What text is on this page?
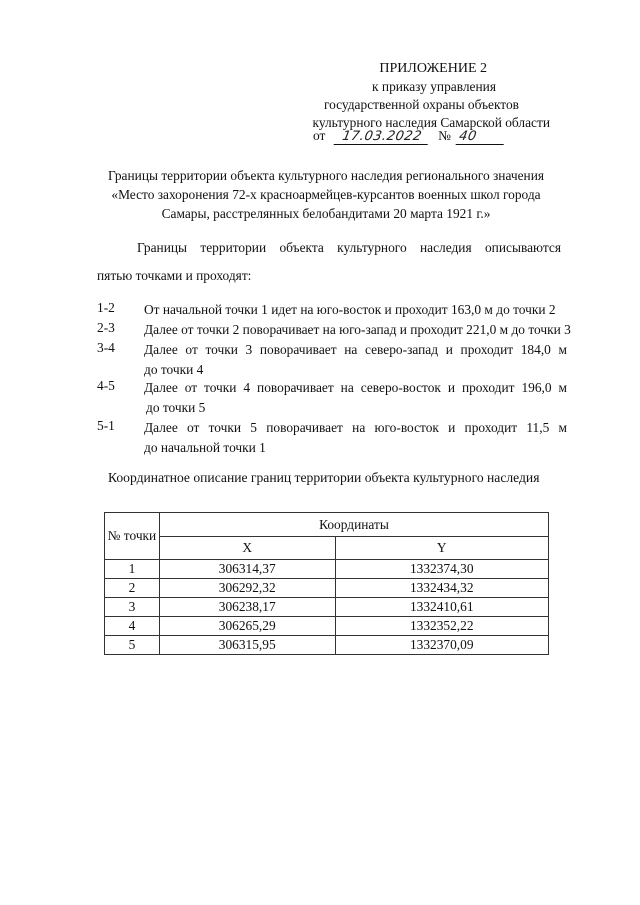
ПРИЛОЖЕНИЕ 2
к приказу управления
государственной охраны объектов
культурного наследия Самарской области
от 17.03.2022 № 40
Границы территории объекта культурного наследия регионального значения
«Место захоронения 72-х красноармейцев-курсантов военных школ города
Самары, расстрелянных белобандитами 20 марта 1921 г.»
Границы территории объекта культурного наследия описываются
пятью точками и проходят:
1-2 От начальной точки 1 идет на юго-восток и проходит 163,0 м до точки 2
2-3 Далее от точки 2 поворачивает на юго-запад и проходит 221,0 м до точки 3
3-4 Далее от точки 3 поворачивает на северо-запад и проходит 184,0 м
до точки 4
4-5 Далее от точки 4 поворачивает на северо-восток и проходит 196,0 м
до точки 5
5-1 Далее от точки 5 поворачивает на юго-восток и проходит 11,5 м
до начальной точки 1
Координатное описание границ территории объекта культурного наследия
№ точки	Координаты	
	X	Y
1	306314,37	1332374,30
2	306292,32	1332434,32
3	306238,17	1332410,61
4	306265,29	1332352,22
5	306315,95	1332370,09
